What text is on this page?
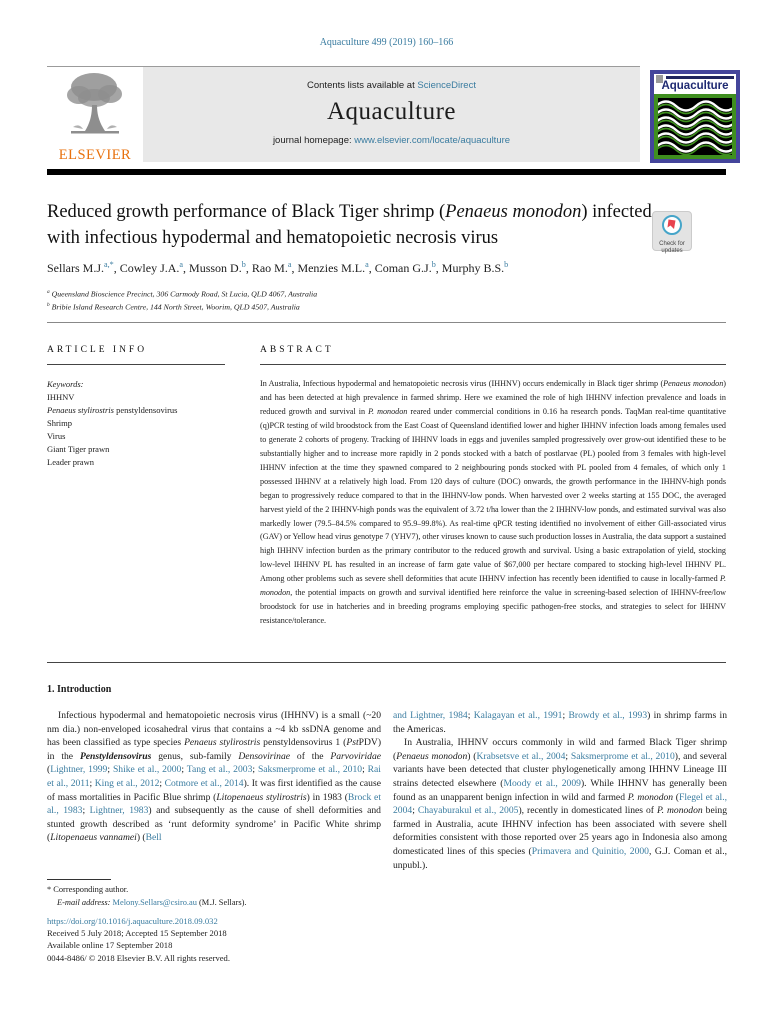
Aquaculture 499 (2019) 160–166
Contents lists available at ScienceDirect
Aquaculture
journal homepage: www.elsevier.com/locate/aquaculture
ELSEVIER
Aquaculture
Reduced growth performance of Black Tiger shrimp (Penaeus monodon) infected with infectious hypodermal and hematopoietic necrosis virus	Check for
updates
Sellars M.J.$^{a,*}$, Cowley J.A.$^a$, Musson D.$^b$, Rao M.$^a$, Menzies M.L.$^a$, Coman G.J.$^b$, Murphy B.S.$^b$
$^a$ Queensland Bioscience Precinct, 306 Carmody Road, St Lucia, QLD 4067, Australia
$^b$ Bribie Island Research Centre, 144 North Street, Woorim, QLD 4507, Australia
ARTICLE INFO	ABSTRACT
Keywords:
IHHNV
Penaeus stylirostris penstyldensovirus
Shrimp
Virus
Giant Tiger prawn
Leader prawn
In Australia, Infectious hypodermal and hematopoietic necrosis virus (IHHNV) occurs endemically in Black tiger shrimp (Penaeus monodon) and has been detected at high prevalence in farmed shrimp. Here we examined the role of high IHHNV infection prevalence and loads in reduced growth and survival in P. monodon reared under commercial conditions in 0.16 ha research ponds. TaqMan real-time quantitative (q)PCR testing of wild broodstock from the East Coast of Queensland identified lower and higher IHHNV infection loads among females used to generate 2 cohorts of progeny. Tracking of IHHNV loads in eggs and juveniles sampled progressively over grow-out identified these to be substantially higher and to increase more rapidly in 2 ponds stocked with a batch of postlarvae (PL) pooled from 3 females with high-level IHHNV infection at the time they spawned compared to 2 neighbouring ponds stocked with PL pooled from 4 females, of which only 1 possessed IHHNV at a relatively high load. From 120 days of culture (DOC) onwards, the growth performance in the IHHNV-high ponds began to progressively reduce compared to that in the IHHNV-low ponds. When harvested over 2 weeks starting at 155 DOC, the averaged harvest yield of the 2 IHHNV-high ponds was the equivalent of 3.72 t/ha lower than the 2 IHHNV-low ponds, and estimated survival was also markedly lower (79.5–84.5% compared to 95.9–99.8%). As real-time qPCR testing identified no involvement of either Gill-associated virus (GAV) or Yellow head virus genotype 7 (YHV7), other viruses known to cause such production losses in Australia, the data support a sustained high IHHNV infection burden as the primary contributor to the reduced growth and survival. Using a basic extrapolation of yield, stocking low-level IHHNV PL has resulted in an increase of farm gate value of $67,000 per hectare compared to stocking high-level IHHNV PL. Among other problems such as severe shell deformities that acute IHHNV infection has recently been identified to cause in locally-farmed P. monodon, the potential impacts on growth and survival identified here reinforce the value in screening-based selection of IHHNV-free/low broodstock for use in hatcheries and in breeding programs employing specific pathogen-free stocks, and strategies to select for IHHNV resistance/tolerance.
1. Introduction

Infectious hypodermal and hematopoietic necrosis virus (IHHNV) is a small (~20 nm dia.) non-enveloped icosahedral virus that contains a ~4 kb ssDNA genome and has been classified as type species Penaeus stylirostris penstyldensovirus 1 (PstPDV) in the Penstyldensovirus genus, sub-family Densovirinae of the Parvoviridae (Lightner, 1999; Shike et al., 2000; Tang et al., 2003; Saksmerprome et al., 2010; Rai et al., 2011; King et al., 2012; Cotmore et al., 2014). It was first identified as the cause of mass mortalities in Pacific Blue shrimp (Litopenaeus stylirostris) in 1983 (Brock et al., 1983; Lightner, 1983) and subsequently as the cause of shell deformities and stunted growth described as ‘runt deformity syndrome’ in Pacific White shrimp (Litopenaeus vannamei) (Bell

and Lightner, 1984; Kalagayan et al., 1991; Browdy et al., 1993) in shrimp farms in the Americas.

In Australia, IHHNV occurs commonly in wild and farmed Black Tiger shrimp (Penaeus monodon) (Krabsetsve et al., 2004; Saksmerprome et al., 2010), and several variants have been detected that cluster phylogenetically among IHHNV Lineage III strains detected elsewhere (Moody et al., 2009). While IHHNV has generally been found as an unapparent benign infection in wild and farmed P. monodon (Flegel et al., 2004; Chayaburakul et al., 2005), recently in domesticated lines of P. monodon being farmed in Australia, acute IHHNV infection has been associated with severe shell deformities consistent with those reported over 25 years ago in Indonesia also among domesticated lines of this species (Primavera and Quinitio, 2000, G.J. Coman et al., unpubl.).

* Corresponding author.
E-mail address: Melony.Sellars@csiro.au (M.J. Sellars).
https://doi.org/10.1016/j.aquaculture.2018.09.032
Received 5 July 2018; Accepted 15 September 2018
Available online 17 September 2018
0044-8486/ © 2018 Elsevier B.V. All rights reserved.
